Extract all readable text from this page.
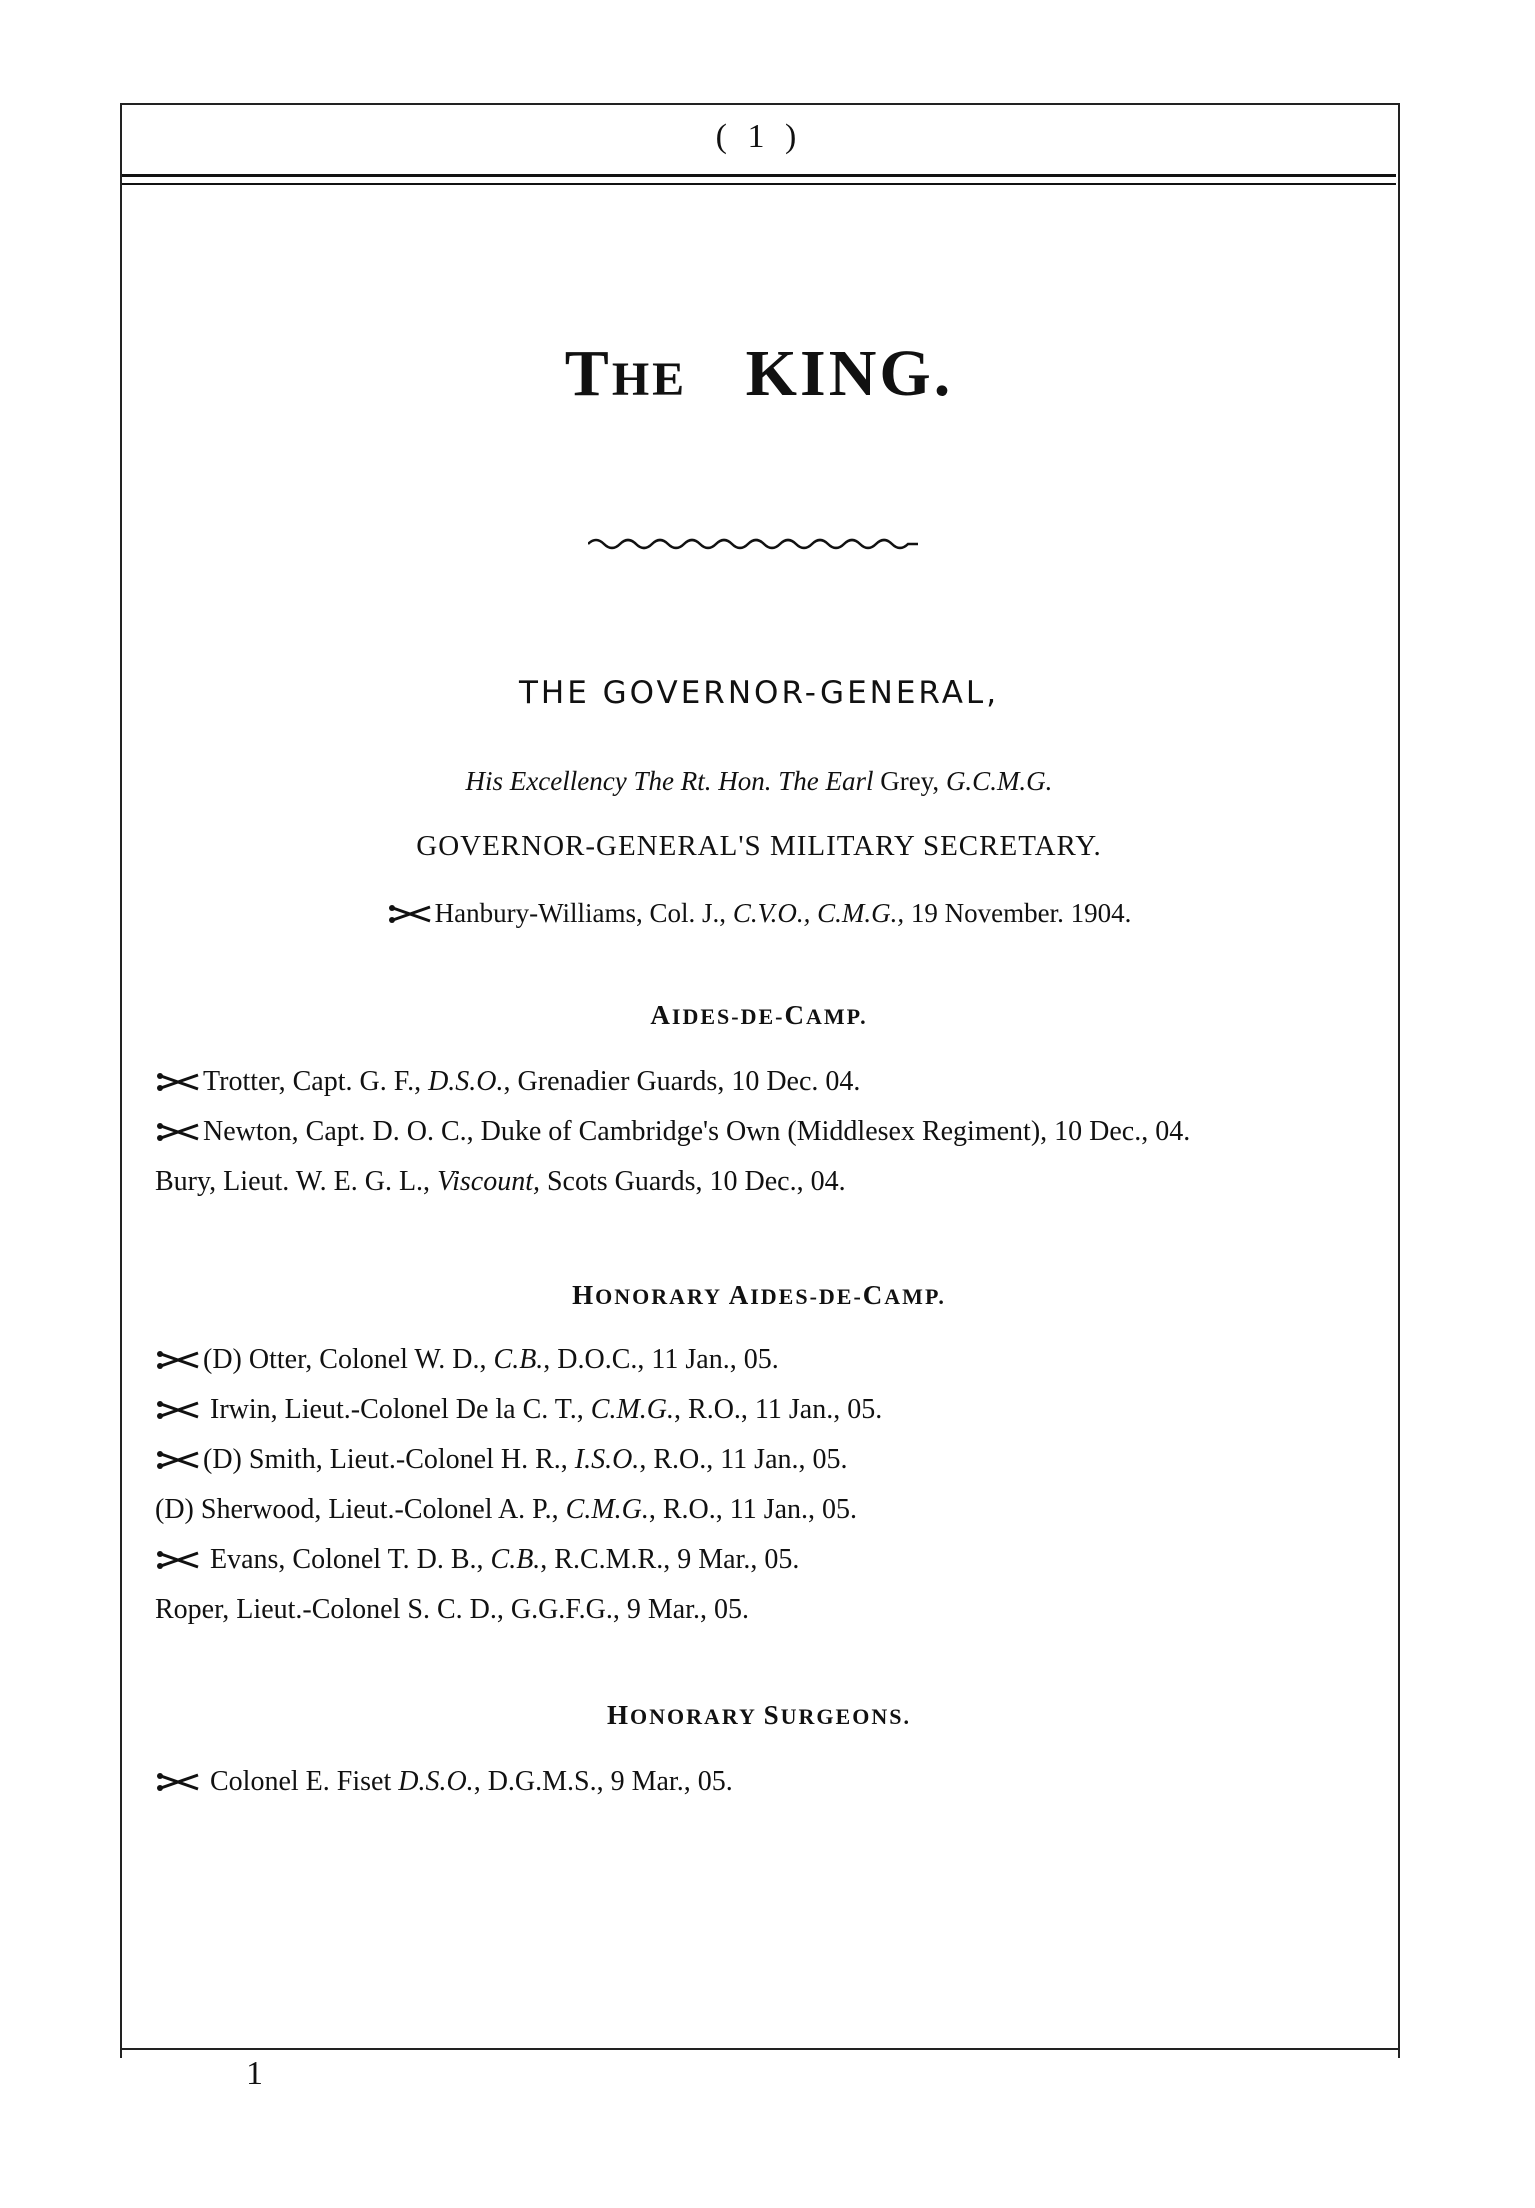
( 1 )
THE KING.
THE GOVERNOR-GENERAL,
His Excellency The Rt. Hon. The Earl Grey, G.C.M.G.
GOVERNOR-GENERAL'S MILITARY SECRETARY.
Hanbury-Williams, Col. J., C.V.O., C.M.G., 19 November. 1904.
AIDES-DE-CAMP.
Trotter, Capt. G. F., D.S.O., Grenadier Guards, 10 Dec. 04.
Newton, Capt. D. O. C., Duke of Cambridge's Own (Middlesex Regiment), 10 Dec., 04.
Bury, Lieut. W. E. G. L., Viscount, Scots Guards, 10 Dec., 04.
HONORARY AIDES-DE-CAMP.
(D) Otter, Colonel W. D., C.B., D.O.C., 11 Jan., 05.
Irwin, Lieut.-Colonel De la C. T., C.M.G., R.O., 11 Jan., 05.
(D) Smith, Lieut.-Colonel H. R., I.S.O., R.O., 11 Jan., 05.
(D) Sherwood, Lieut.-Colonel A. P., C.M.G., R.O., 11 Jan., 05.
Evans, Colonel T. D. B., C.B., R.C.M.R., 9 Mar., 05.
Roper, Lieut.-Colonel S. C. D., G.G.F.G., 9 Mar., 05.
HONORARY SURGEONS.
Colonel E. Fiset D.S.O., D.G.M.S., 9 Mar., 05.
1
